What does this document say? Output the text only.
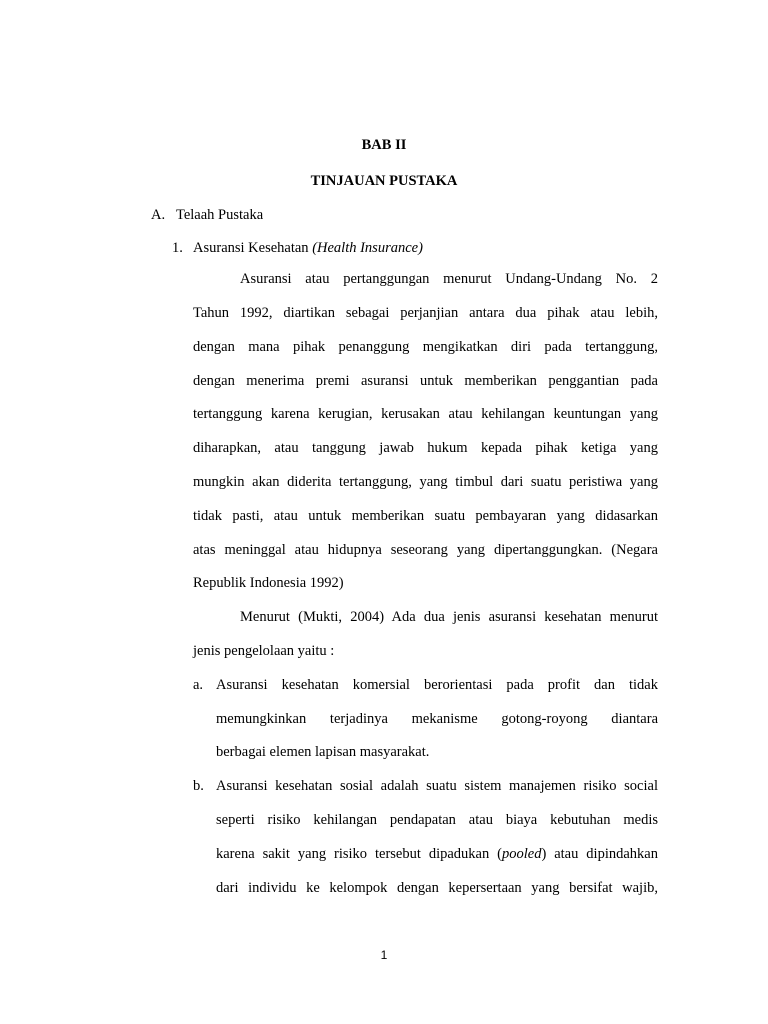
BAB II
TINJAUAN PUSTAKA
A. Telaah Pustaka
1. Asuransi Kesehatan (Health Insurance)
Asuransi atau pertanggungan menurut Undang-Undang No. 2
Tahun 1992, diartikan sebagai perjanjian antara dua pihak atau lebih,
dengan mana pihak penanggung mengikatkan diri pada tertanggung,
dengan menerima premi asuransi untuk memberikan penggantian pada
tertanggung karena kerugian, kerusakan atau kehilangan keuntungan yang
diharapkan, atau tanggung jawab hukum kepada pihak ketiga yang
mungkin akan diderita tertanggung, yang timbul dari suatu peristiwa yang
tidak pasti, atau untuk memberikan suatu pembayaran yang didasarkan
atas meninggal atau hidupnya seseorang yang dipertanggungkan. (Negara
Republik Indonesia 1992)
Menurut (Mukti, 2004) Ada dua jenis asuransi kesehatan menurut
jenis pengelolaan yaitu :
a. Asuransi kesehatan komersial berorientasi pada profit dan tidak
memungkinkan terjadinya mekanisme gotong-royong diantara
berbagai elemen lapisan masyarakat.
b. Asuransi kesehatan sosial adalah suatu sistem manajemen risiko social
seperti risiko kehilangan pendapatan atau biaya kebutuhan medis
karena sakit yang risiko tersebut dipadukan (pooled) atau dipindahkan
dari individu ke kelompok dengan kepersertaan yang bersifat wajib,
1
